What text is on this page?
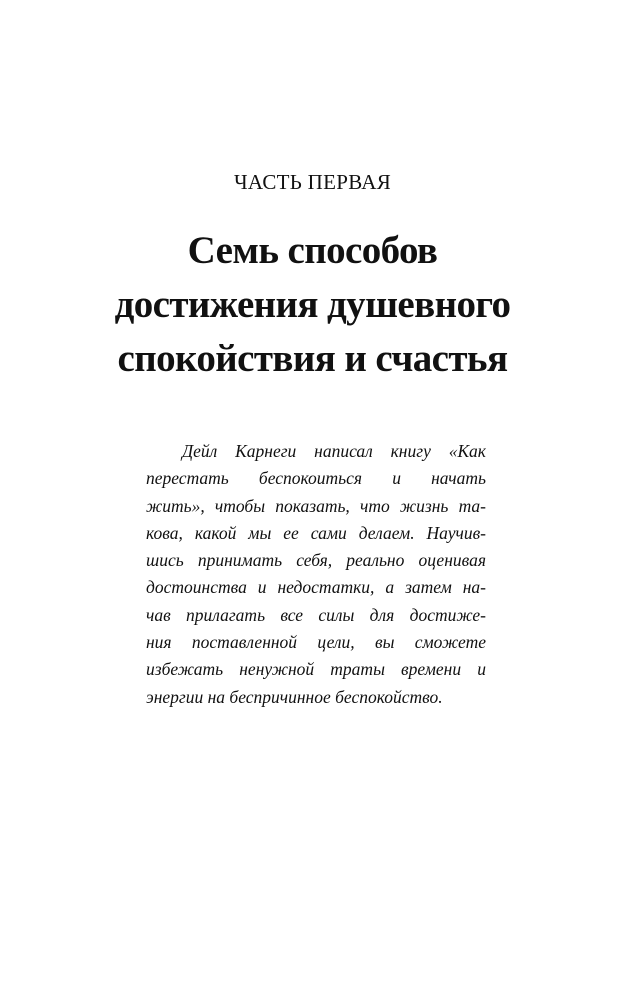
ЧАСТЬ ПЕРВАЯ
Семь способов
достижения душевного
спокойствия и счастья
Дейл Карнеги написал книгу «Как
перестать беспокоиться и начать
жить», чтобы показать, что жизнь та-
кова, какой мы ее сами делаем. Научив-
шись принимать себя, реально оценивая
достоинства и недостатки, а затем на-
чав прилагать все силы для достиже-
ния поставленной цели, вы сможете
избежать ненужной траты времени и
энергии на беспричинное беспокойство.
